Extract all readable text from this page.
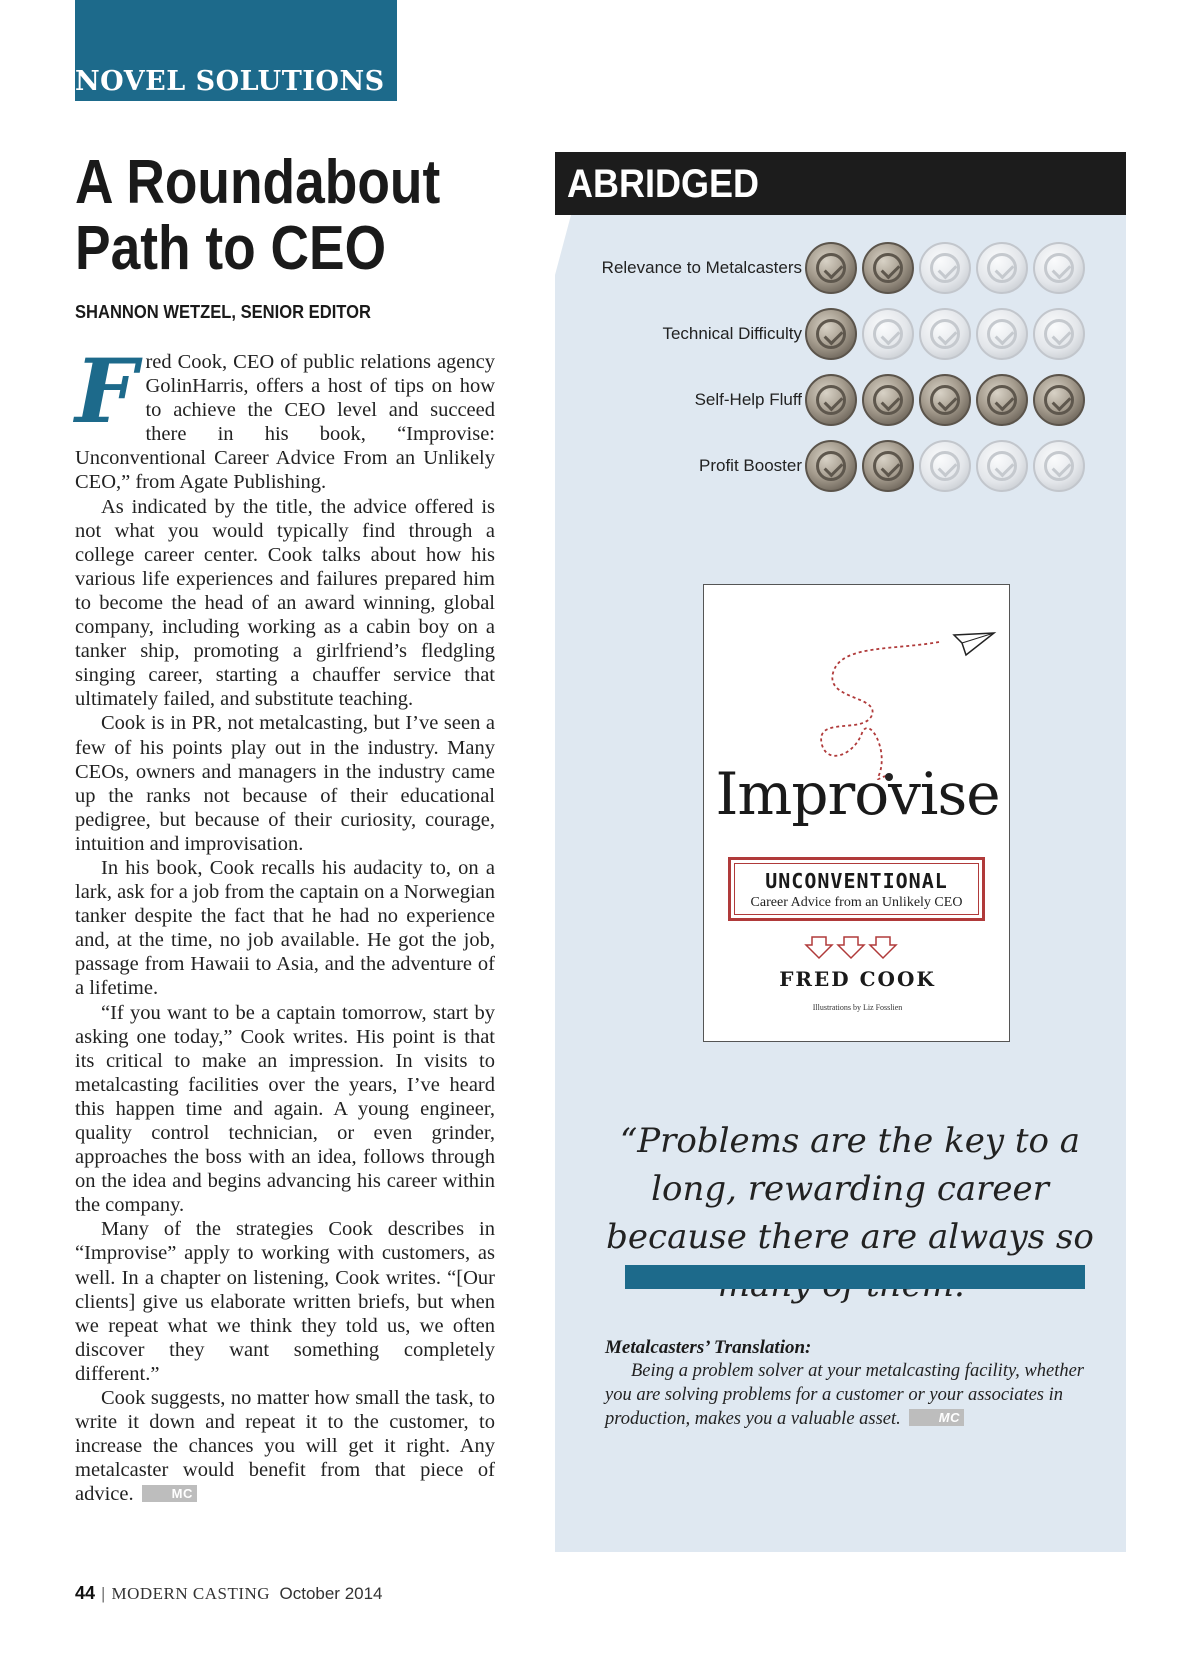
NOVEL SOLUTIONS
A Roundabout
Path to CEO
SHANNON WETZEL, SENIOR EDITOR

Fred Cook, CEO of public relations agency GolinHarris, offers a host of tips on how to achieve the CEO level and succeed there in his book, “Improvise: Unconventional Career Advice From an Unlikely CEO,” from Agate Publishing.

As indicated by the title, the advice offered is not what you would typically find through a college career center. Cook talks about how his various life experiences and failures prepared him to become the head of an award winning, global company, including working as a cabin boy on a tanker ship, promoting a girlfriend’s fledgling singing career, starting a chauffer service that ultimately failed, and substitute teaching.

Cook is in PR, not metalcasting, but I’ve seen a few of his points play out in the industry. Many CEOs, owners and managers in the industry came up the ranks not because of their educational pedigree, but because of their curiosity, courage, intuition and improvisation.

In his book, Cook recalls his audacity to, on a lark, ask for a job from the captain on a Norwegian tanker despite the fact that he had no experience and, at the time, no job available. He got the job, passage from Hawaii to Asia, and the adventure of a lifetime.

“If you want to be a captain tomorrow, start by asking one today,” Cook writes. His point is that its critical to make an impression. In visits to metalcasting facilities over the years, I’ve heard this happen time and again. A young engineer, quality control technician, or even grinder, approaches the boss with an idea, follows through on the idea and begins advancing his career within the company.

Many of the strategies Cook describes in “Improvise” apply to working with customers, as well. In a chapter on listening, Cook writes. “[Our clients] give us elaborate written briefs, but when we repeat what we think they told us, we often discover they want something completely different.”

Cook suggests, no matter how small the task, to write it down and repeat it to the customer, to increase the chances you will get it right. Any metalcaster would benefit from that piece of advice.	MC

ABRIDGED
Relevance to Metalcasters
Technical Difficulty
Self-Help Fluff
Profit Booster
Improvise
UNCONVENTIONAL
Career Advice from an Unlikely CEO
FRED COOK
Illustrations by Liz Fosslien
“Problems are the key to a long, rewarding career because there are always so
Metalcasters’ Translation:
Being a problem solver at your metalcasting facility, whether you are solving problems for a customer or your associates in production, makes you a valuable asset.	MC
44 | MODERN CASTING October 2014
